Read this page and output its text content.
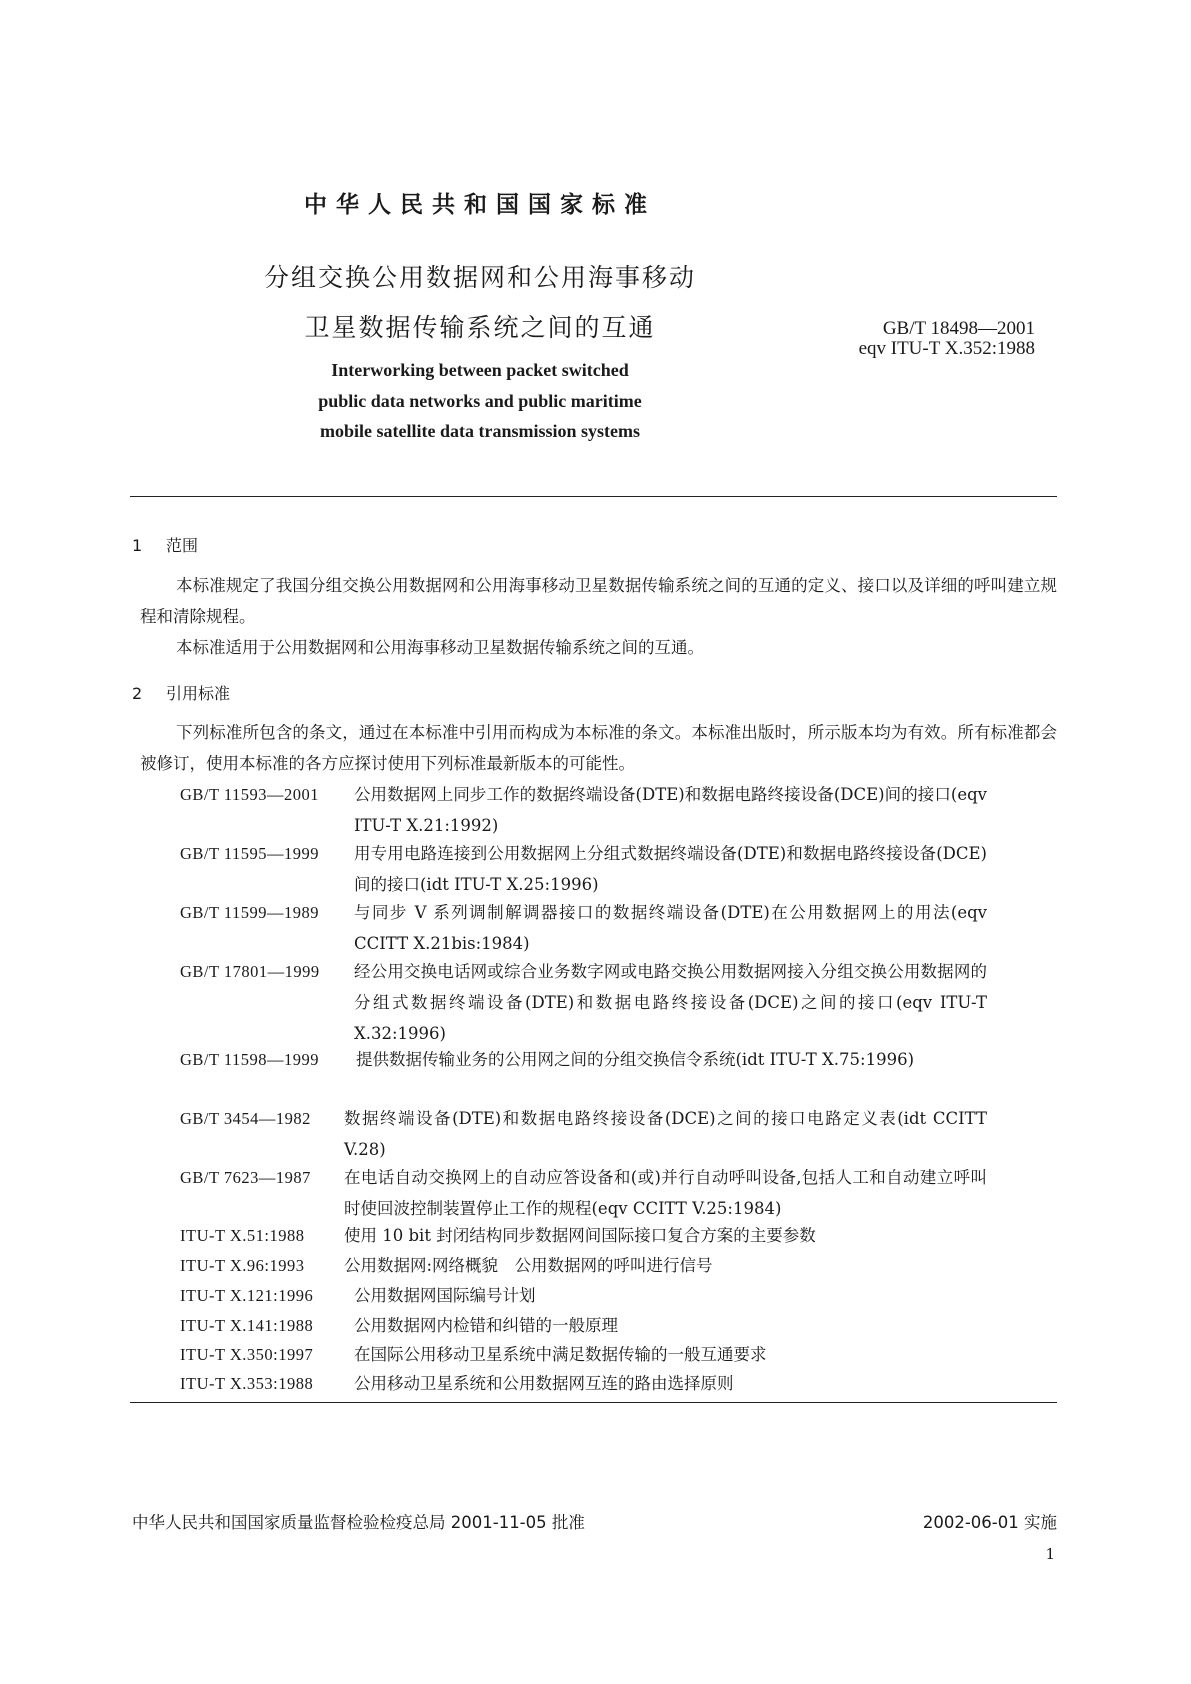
中华人民共和国国家标准
分组交换公用数据网和公用海事移动
卫星数据传输系统之间的互通	GB/T 18498—2001
eqv ITU-T X.352:1988
Interworking between packet switched
public data networks and public maritime
mobile satellite data transmission systems
1 范围
本标准规定了我国分组交换公用数据网和公用海事移动卫星数据传输系统之间的互通的定义、接口以及详细的呼叫建立规程和清除规程。
本标准适用于公用数据网和公用海事移动卫星数据传输系统之间的互通。
2 引用标准
下列标准所包含的条文，通过在本标准中引用而构成为本标准的条文。本标准出版时，所示版本均为有效。所有标准都会被修订，使用本标准的各方应探讨使用下列标准最新版本的可能性。
GB/T 11593—2001 公用数据网上同步工作的数据终端设备(DTE)和数据电路终接设备(DCE)间的接口(eqv ITU-T X.21:1992)
GB/T 11595—1999 用专用电路连接到公用数据网上分组式数据终端设备(DTE)和数据电路终接设备(DCE)间的接口(idt ITU-T X.25:1996)
GB/T 11599—1989 与同步 V 系列调制解调器接口的数据终端设备(DTE)在公用数据网上的用法(eqv CCITT X.21bis:1984)
GB/T 17801—1999 经公用交换电话网或综合业务数字网或电路交换公用数据网接入分组交换公用数据网的分组式数据终端设备(DTE)和数据电路终接设备(DCE)之间的接口(eqv ITU-T X.32:1996)
GB/T 11598—1999 提供数据传输业务的公用网之间的分组交换信令系统(idt ITU-T X.75:1996)
GB/T 3454—1982 数据终端设备(DTE)和数据电路终接设备(DCE)之间的接口电路定义表(idt CCITT V.28)
GB/T 7623—1987 在电话自动交换网上的自动应答设备和(或)并行自动呼叫设备,包括人工和自动建立呼叫时使回波控制装置停止工作的规程(eqv CCITT V.25:1984)
ITU-T X.51:1988 使用 10 bit 封闭结构同步数据网间国际接口复合方案的主要参数
ITU-T X.96:1993 公用数据网:网络概貌　公用数据网的呼叫进行信号
ITU-T X.121:1996 公用数据网国际编号计划
ITU-T X.141:1988 公用数据网内检错和纠错的一般原理
ITU-T X.350:1997 在国际公用移动卫星系统中满足数据传输的一般互通要求
ITU-T X.353:1988 公用移动卫星系统和公用数据网互连的路由选择原则
中华人民共和国国家质量监督检验检疫总局 2001-11-05 批准	2002-06-01 实施
1
